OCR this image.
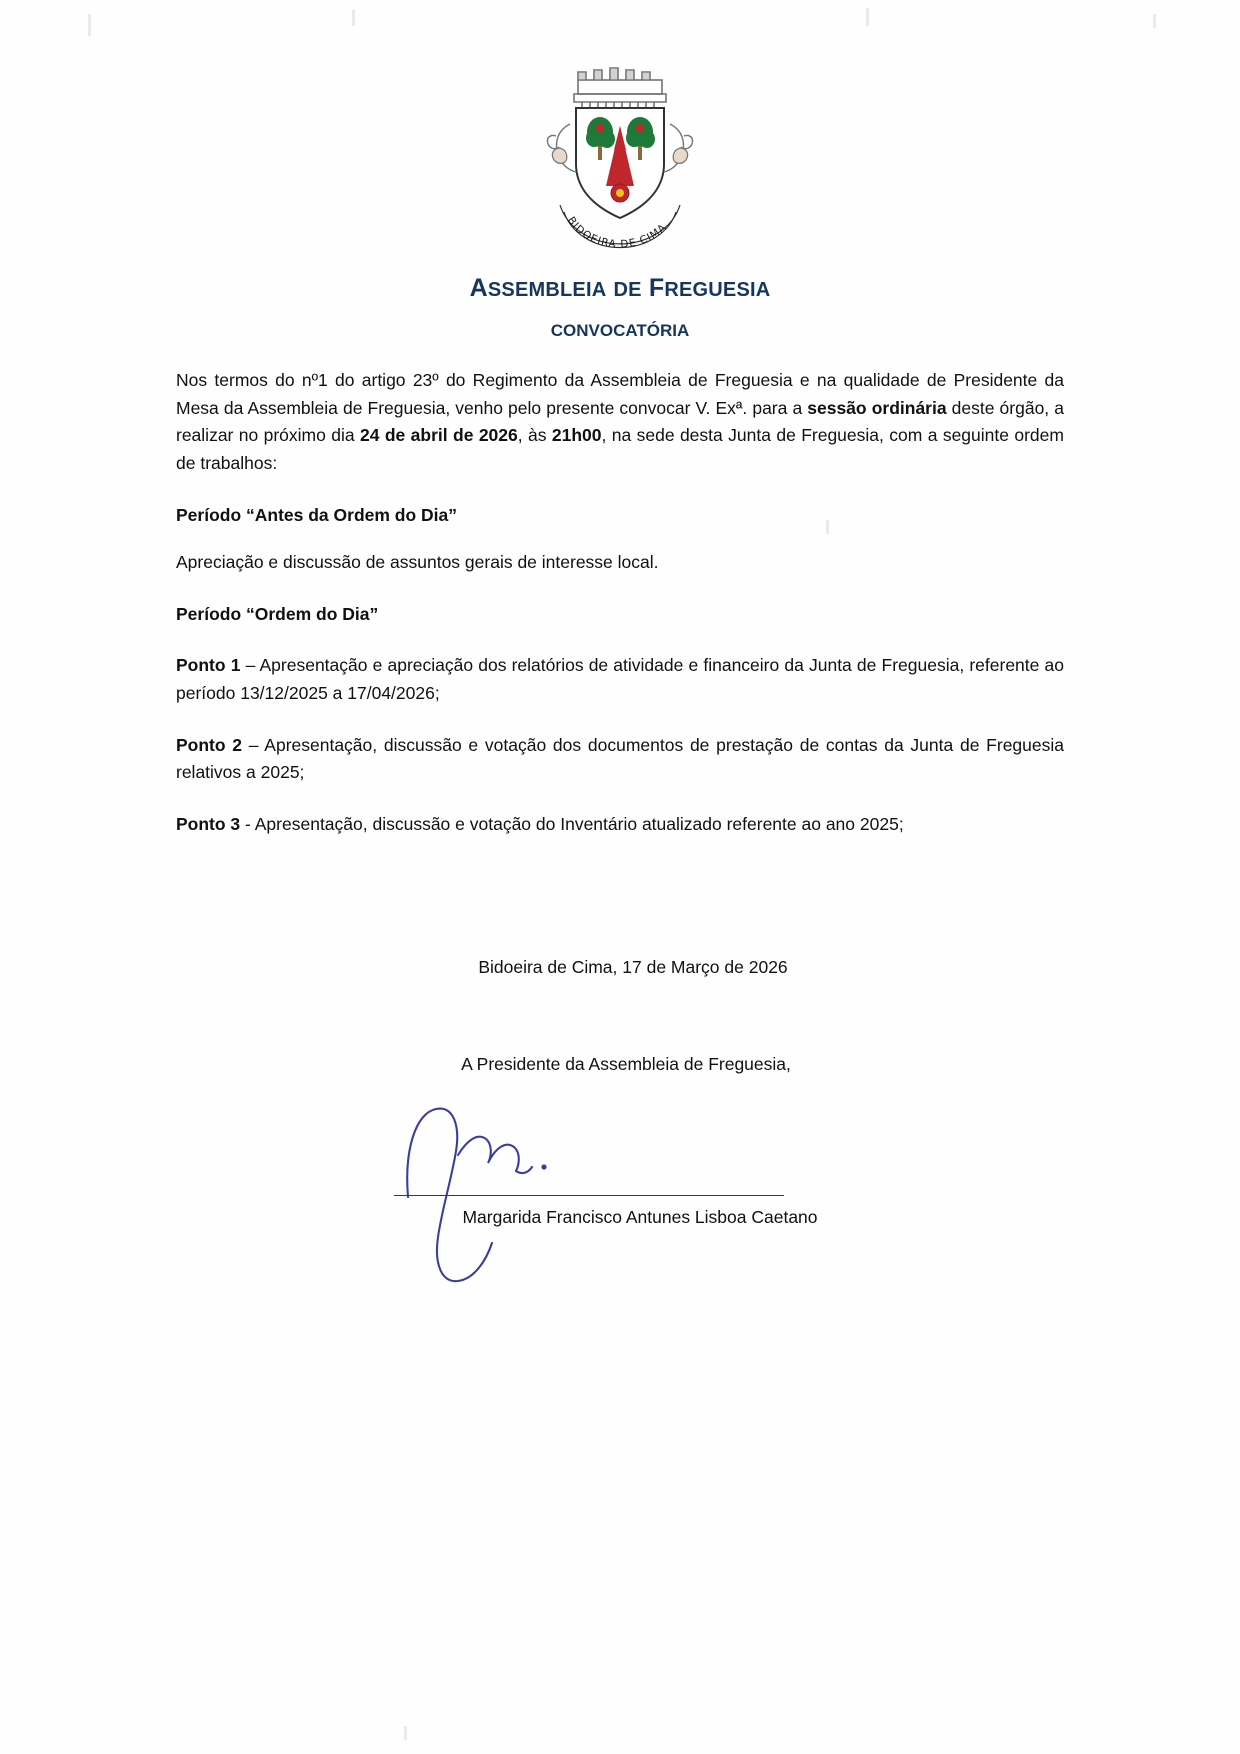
BIDOEIRA DE CIMA
ASSEMBLEIA DE FREGUESIA
CONVOCATÓRIA

Nos termos do nº1 do artigo 23º do Regimento da Assembleia de Freguesia e na qualidade de Presidente da Mesa da Assembleia de Freguesia, venho pelo presente convocar V. Exª. para a sessão ordinária deste órgão, a realizar no próximo dia 24 de abril de 2026, às 21h00, na sede desta Junta de Freguesia, com a seguinte ordem de trabalhos:

Período “Antes da Ordem do Dia”

Apreciação e discussão de assuntos gerais de interesse local.

Período “Ordem do Dia”

Ponto 1 – Apresentação e apreciação dos relatórios de atividade e financeiro da Junta de Freguesia, referente ao período 13/12/2025 a 17/04/2026;

Ponto 2 – Apresentação, discussão e votação dos documentos de prestação de contas da Junta de Freguesia relativos a 2025;

Ponto 3 - Apresentação, discussão e votação do Inventário atualizado referente ao ano 2025;

Bidoeira de Cima, 17 de Março de 2026
A Presidente da Assembleia de Freguesia,
Margarida Francisco Antunes Lisboa Caetano
